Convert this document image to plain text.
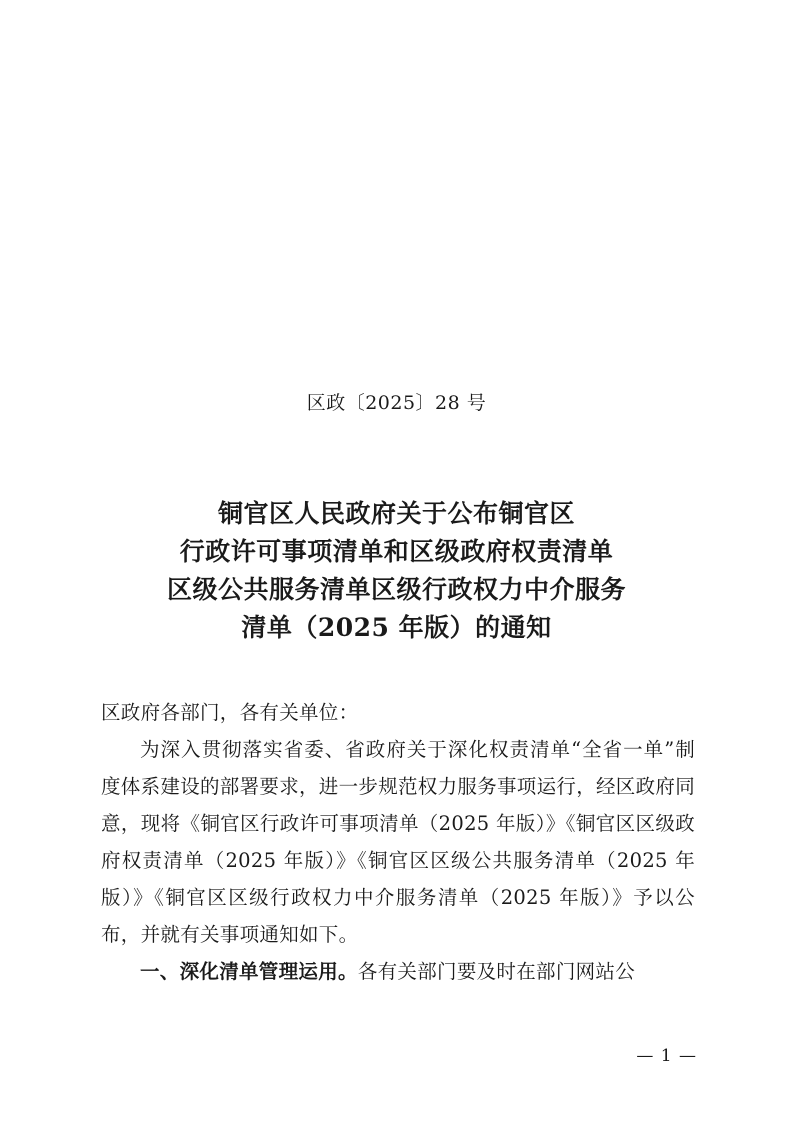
区政〔2025〕28 号
铜官区人民政府关于公布铜官区
行政许可事项清单和区级政府权责清单
区级公共服务清单区级行政权力中介服务
清单（2025 年版）的通知
区政府各部门，各有关单位：
为深入贯彻落实省委、省政府关于深化权责清单“全省一单”制度体系建设的部署要求，进一步规范权力服务事项运行，经区政府同意，现将《铜官区行政许可事项清单（2025 年版）》《铜官区区级政府权责清单（2025 年版）》《铜官区区级公共服务清单（2025 年版）》《铜官区区级行政权力中介服务清单（2025 年版）》予以公布，并就有关事项通知如下。
一、深化清单管理运用。各有关部门要及时在部门网站公
— 1 —
